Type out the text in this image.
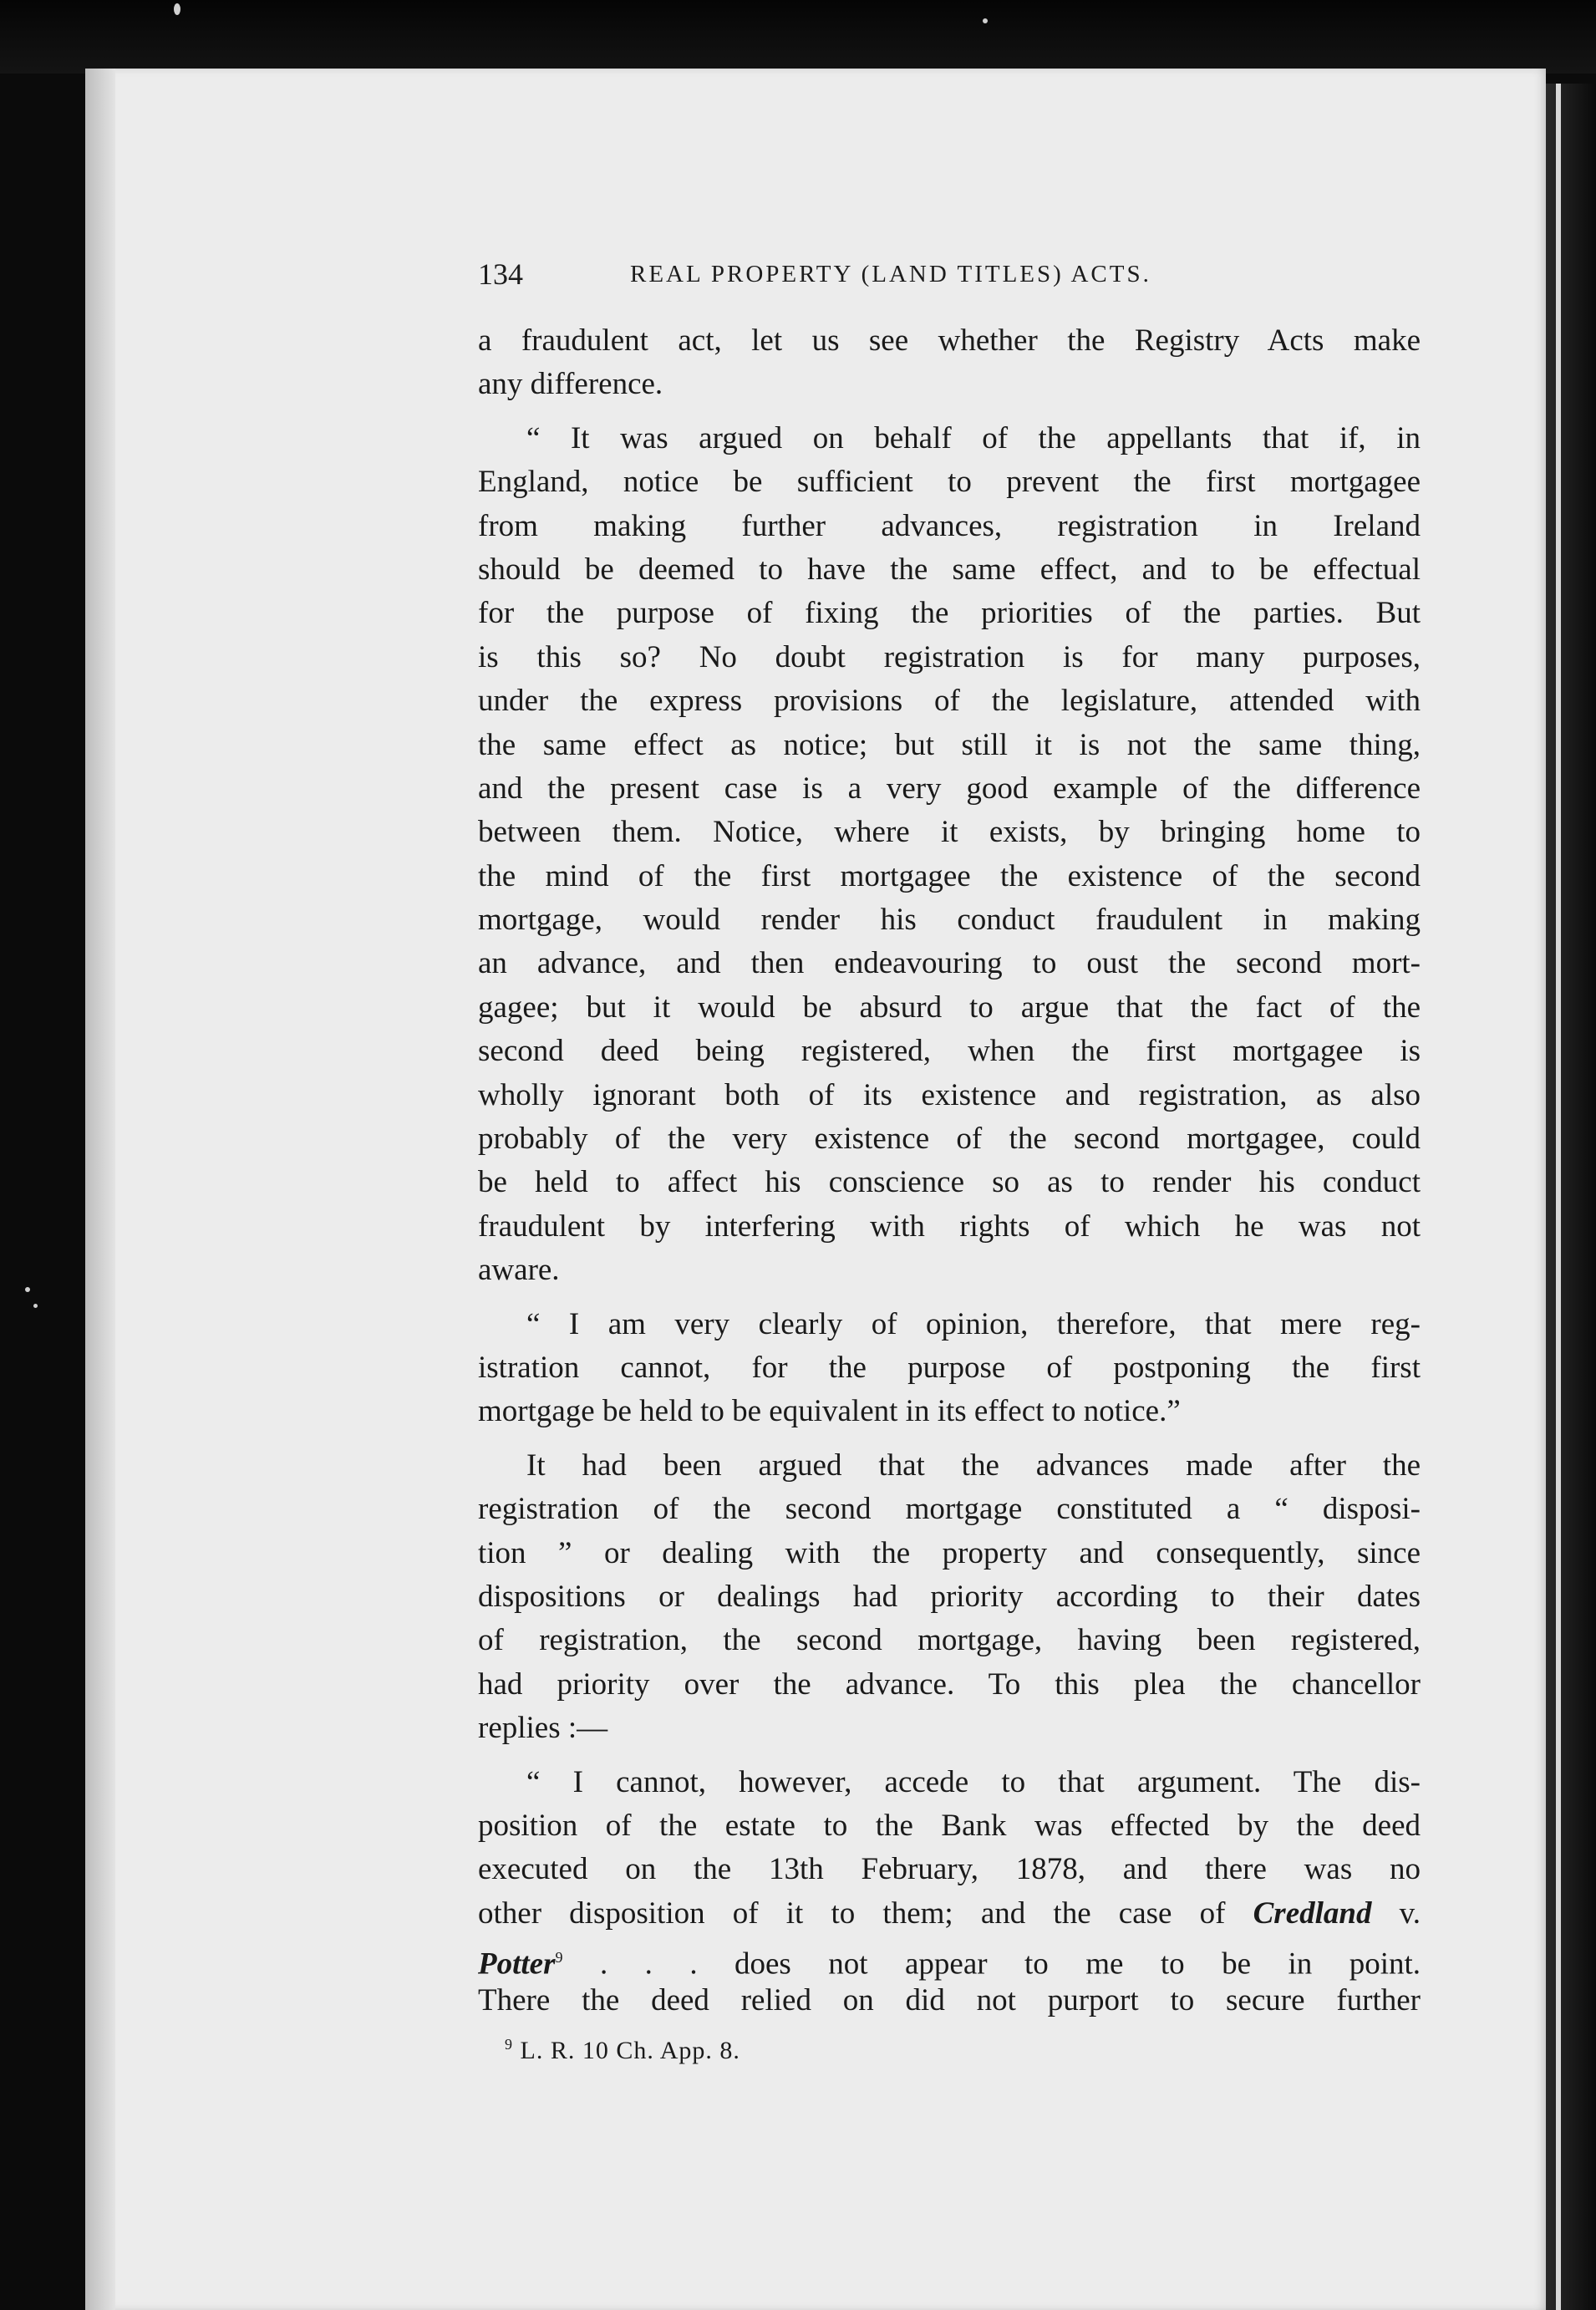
134	REAL PROPERTY (LAND TITLES) ACTS.
a fraudulent act, let us see whether the Registry Acts make
any difference.
“ It was argued on behalf of the appellants that if, in
England, notice be sufficient to prevent the first mortgagee
from making further advances, registration in Ireland
should be deemed to have the same effect, and to be effectual
for the purpose of fixing the priorities of the parties. But
is this so? No doubt registration is for many purposes,
under the express provisions of the legislature, attended with
the same effect as notice; but still it is not the same thing,
and the present case is a very good example of the difference
between them. Notice, where it exists, by bringing home to
the mind of the first mortgagee the existence of the second
mortgage, would render his conduct fraudulent in making
an advance, and then endeavouring to oust the second mort-
gagee; but it would be absurd to argue that the fact of the
second deed being registered, when the first mortgagee is
wholly ignorant both of its existence and registration, as also
probably of the very existence of the second mortgagee, could
be held to affect his conscience so as to render his conduct
fraudulent by interfering with rights of which he was not
aware.
“ I am very clearly of opinion, therefore, that mere reg-
istration cannot, for the purpose of postponing the first
mortgage be held to be equivalent in its effect to notice.”
It had been argued that the advances made after the
registration of the second mortgage constituted a “ disposi-
tion ” or dealing with the property and consequently, since
dispositions or dealings had priority according to their dates
of registration, the second mortgage, having been registered,
had priority over the advance. To this plea the chancellor
replies :—
“ I cannot, however, accede to that argument. The dis-
position of the estate to the Bank was effected by the deed
executed on the 13th February, 1878, and there was no
other disposition of it to them; and the case of Credland v.
Potter$^9$ . . . does not appear to me to be in point.
There the deed relied on did not purport to secure further
$^9$ L. R. 10 Ch. App. 8.
